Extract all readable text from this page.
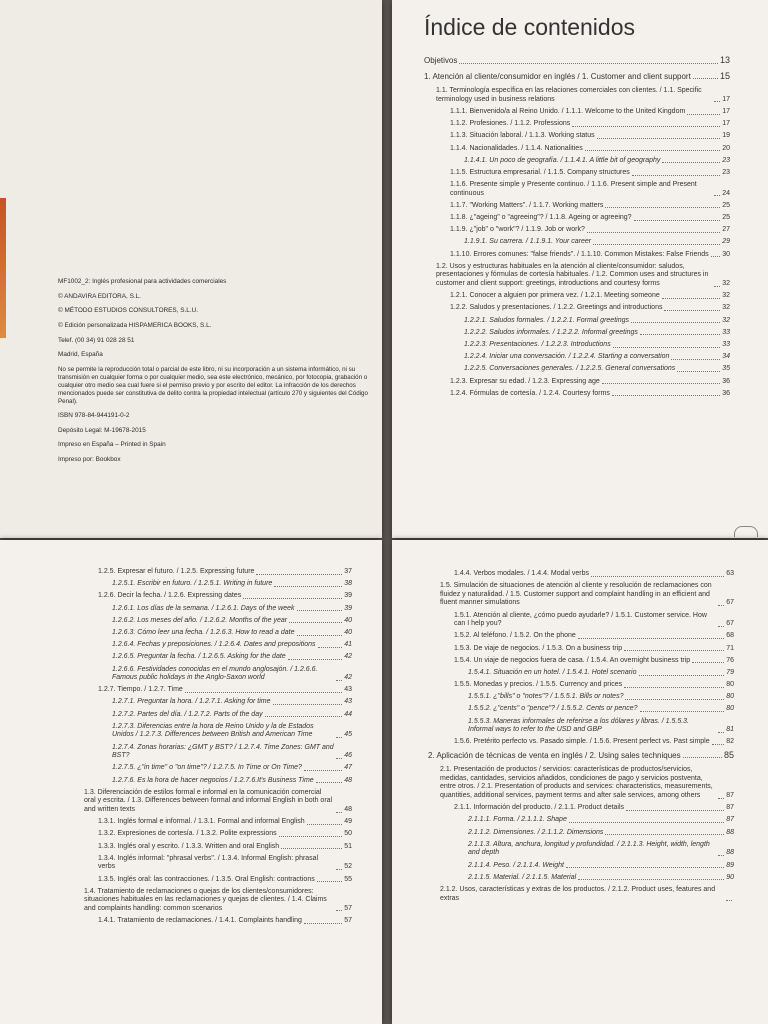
MF1002_2: Inglés profesional para actividades comerciales

© ANDAVIRA EDITORA, S.L.

© MÉTODO ESTUDIOS CONSULTORES, S.L.U.

© Edición personalizada HISPAMERICA BOOKS, S.L.

Telef. (00 34) 91 028 28 51

Madrid, España

No se permite la reproducción total o parcial de este libro, ni su incorporación a un sistema informático, ni su transmisión en cualquier forma o por cualquier medio, sea este electrónico, mecánico, por fotocopia, grabación o cualquier otro medio sea cual fuere si el permiso previo y por escrito del editor. La infracción de los derechos mencionados puede ser constitutiva de delito contra la propiedad intelectual (artículo 270 y siguientes del Código Penal).

ISBN 978-84-944191-0-2

Depósito Legal: M-19678-2015

Impreso en España – Printed in Spain

Impreso por: Bookbox

Índice de contenidos
Objetivos	13
1. Atención al cliente/consumidor en inglés / 1. Customer and client support	15
1.1. Terminología específica en las relaciones comerciales con clientes. / 1.1. Specific terminology used in business relations	17
1.1.1. Bienvenido/a al Reino Unido. / 1.1.1. Welcome to the United Kingdom	17
1.1.2. Profesiones. / 1.1.2. Professions	17
1.1.3. Situación laboral. / 1.1.3. Working status	19
1.1.4. Nacionalidades. / 1.1.4. Nationalities	20
1.1.4.1. Un poco de geografía. / 1.1.4.1. A little bit of geography	23
1.1.5. Estructura empresarial. / 1.1.5. Company structures	23
1.1.6. Presente simple y Presente continuo. / 1.1.6. Present simple and Present continuous	24
1.1.7. "Working Matters". / 1.1.7. Working matters	25
1.1.8. ¿"ageing" o "agreeing"? / 1.1.8. Ageing or agreeing?	25
1.1.9. ¿"job" o "work"? / 1.1.9. Job or work?	27
1.1.9.1. Su carrera. / 1.1.9.1. Your career	29
1.1.10. Errores comunes: "false friends". / 1.1.10. Common Mistakes: False Friends 30
1.2. Usos y estructuras habituales en la atención al cliente/consumidor: saludos, presentaciones y fórmulas de cortesía habituales. / 1.2. Common uses and structures in customer and client support: greetings, introductions and courtesy forms	32
1.2.1. Conocer a alguien por primera vez. / 1.2.1. Meeting someone	32
1.2.2. Saludos y presentaciones. / 1.2.2. Greetings and introductions	32
1.2.2.1. Saludos formales. / 1.2.2.1. Formal greetings	32
1.2.2.2. Saludos informales. / 1.2.2.2. Informal greetings	33
1.2.2.3. Presentaciones. / 1.2.2.3. Introductions	33
1.2.2.4. Iniciar una conversación. / 1.2.2.4. Starting a conversation	34
1.2.2.5. Conversaciones generales. / 1.2.2.5. General conversations	35
1.2.3. Expresar su edad. / 1.2.3. Expressing age	36
1.2.4. Fórmulas de cortesía. / 1.2.4. Courtesy forms	36
1.2.5. Expresar el futuro. / 1.2.5. Expressing future	37
1.2.5.1. Escribir en futuro. / 1.2.5.1. Writing in future	38
1.2.6. Decir la fecha. / 1.2.6. Expressing dates	39
1.2.6.1. Los días de la semana. / 1.2.6.1. Days of the week	39
1.2.6.2. Los meses del año. / 1.2.6.2. Months of the year	40
1.2.6.3. Cómo leer una fecha. / 1.2.6.3. How to read a date	40
1.2.6.4. Fechas y preposiciones. / 1.2.6.4. Dates and prepositions	41
1.2.6.5. Preguntar la fecha. / 1.2.6.5. Asking for the date	42
1.2.6.6. Festividades conocidas en el mundo anglosajón. / 1.2.6.6. Famous public holidays in the Anglo-Saxon world	42
1.2.7. Tiempo. / 1.2.7. Time	43
1.2.7.1. Preguntar la hora. / 1.2.7.1. Asking for time	43
1.2.7.2. Partes del día. / 1.2.7.2. Parts of the day	44
1.2.7.3. Diferencias entre la hora de Reino Unido y la de Estados Unidos / 1.2.7.3. Differences between British and American Time	45
1.2.7.4. Zonas horarias: ¿GMT y BST? / 1.2.7.4. Time Zones: GMT and BST?	46
1.2.7.5. ¿"in time" o "on time"? / 1.2.7.5. In Time or On Time?	47
1.2.7.6. Es la hora de hacer negocios / 1.2.7.6.It's Business Time	48
1.3. Diferenciación de estilos formal e informal en la comunicación comercial oral y escrita. / 1.3. Differences between formal and informal English in both oral and written texts	48
1.3.1. Inglés formal e informal. / 1.3.1. Formal and informal English	49
1.3.2. Expresiones de cortesía. / 1.3.2. Polite expressions	50
1.3.3. Inglés oral y escrito. / 1.3.3. Written and oral English	51
1.3.4. Inglés informal: "phrasal verbs". / 1.3.4. Informal English: phrasal verbs	52
1.3.5. Inglés oral: las contracciones. / 1.3.5. Oral English: contractions	55
1.4. Tratamiento de reclamaciones o quejas de los clientes/consumidores: situaciones habituales en las reclamaciones y quejas de clientes. / 1.4. Claims and complaints handling: common scenarios	57
1.4.1. Tratamiento de reclamaciones. / 1.4.1. Complaints handling	57
1.4.4. Verbos modales. / 1.4.4. Modal verbs	63
1.5. Simulación de situaciones de atención al cliente y resolución de reclamaciones con fluidez y naturalidad. / 1.5. Customer support and complaint handling in an efficient and fluent manner simulations	67
1.5.1. Atención al cliente, ¿cómo puedo ayudarle? / 1.5.1. Customer service. How can I help you?	67
1.5.2. Al teléfono. / 1.5.2. On the phone	68
1.5.3. De viaje de negocios. / 1.5.3. On a business trip	71
1.5.4. Un viaje de negocios fuera de casa. / 1.5.4. An overnight business trip	76
1.5.4.1. Situación en un hotel. / 1.5.4.1. Hotel scenario	79
1.5.5. Monedas y precios. / 1.5.5. Currency and prices	80
1.5.5.1. ¿"bills" o "notes"? / 1.5.5.1. Bills or notes?	80
1.5.5.2. ¿"cents" o "pence"? / 1.5.5.2. Cents or pence?	80
1.5.5.3. Maneras informales de referirse a los dólares y libras. / 1.5.5.3. Informal ways to refer to the USD and GBP	81
1.5.6. Pretérito perfecto vs. Pasado simple. / 1.5.6. Present perfect vs. Past simple 82
2. Aplicación de técnicas de venta en inglés / 2. Using sales techniques	85
2.1. Presentación de productos / servicios: características de productos/servicios, medidas, cantidades, servicios añadidos, condiciones de pago y servicios postventa, entre otros. / 2.1. Presentation of products and services: characteristics, measurements, quantities, additional services, payment terms and after sale services, among others	87
2.1.1. Información del producto. / 2.1.1. Product details	87
2.1.1.1. Forma. / 2.1.1.1. Shape	87
2.1.1.2. Dimensiones. / 2.1.1.2. Dimensions	88
2.1.1.3. Altura, anchura, longitud y profundidad. / 2.1.1.3. Height, width, length and depth	88
2.1.1.4. Peso. / 2.1.1.4. Weight	89
2.1.1.5. Material. / 2.1.1.5. Material	90
2.1.2. Usos, características y extras de los productos. / 2.1.2. Product uses, features and extras
